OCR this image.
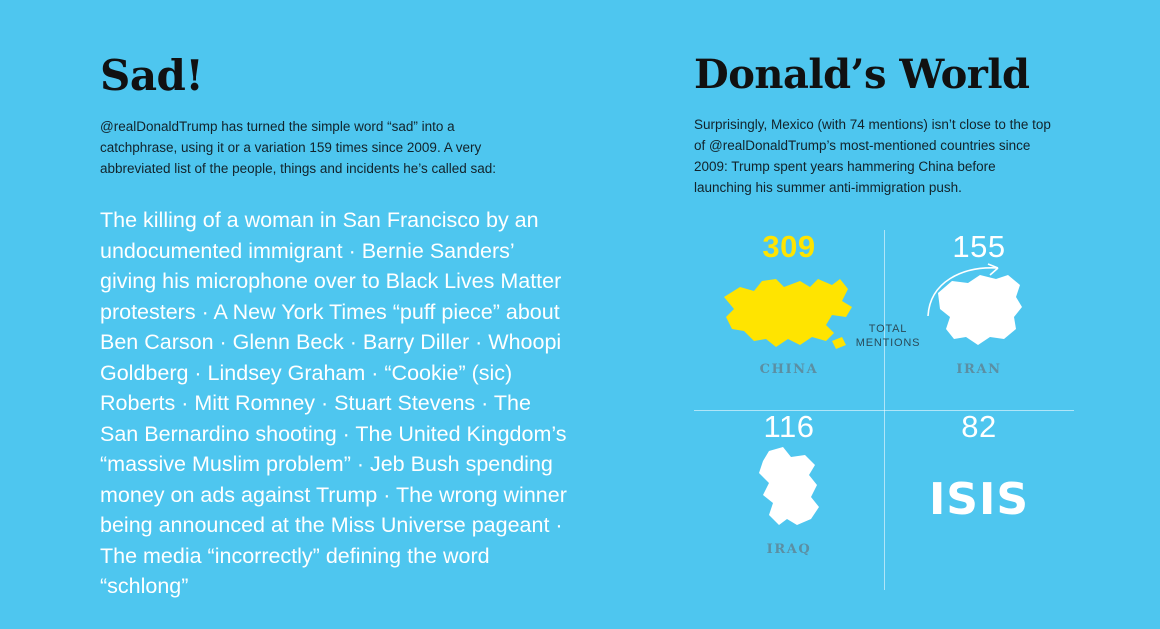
Sad!
@realDonaldTrump has turned the simple word “sad” into a catchphrase, using it or a variation 159 times since 2009. A very abbreviated list of the people, things and incidents he’s called sad:
The killing of a woman in San Francisco by an undocumented immigrant · Bernie Sanders’ giving his microphone over to Black Lives Matter protesters · A New York Times “puff piece” about Ben Carson · Glenn Beck · Barry Diller · Whoopi Goldberg · Lindsey Graham · “Cookie” (sic) Roberts · Mitt Romney · Stuart Stevens · The San Bernardino shooting · The United Kingdom’s “massive Muslim problem” · Jeb Bush spending money on ads against Trump · The wrong winner being announced at the Miss Universe pageant · The media “incorrectly” defining the word “schlong”
Donald’s World
Surprisingly, Mexico (with 74 mentions) isn’t close to the top of @realDonaldTrump’s most-mentioned countries since 2009: Trump spent years hammering China before launching his summer anti-immigration push.
309
CHINA
155
IRAN
116
IRAQ
82
ISIS
TOTAL MENTIONS
